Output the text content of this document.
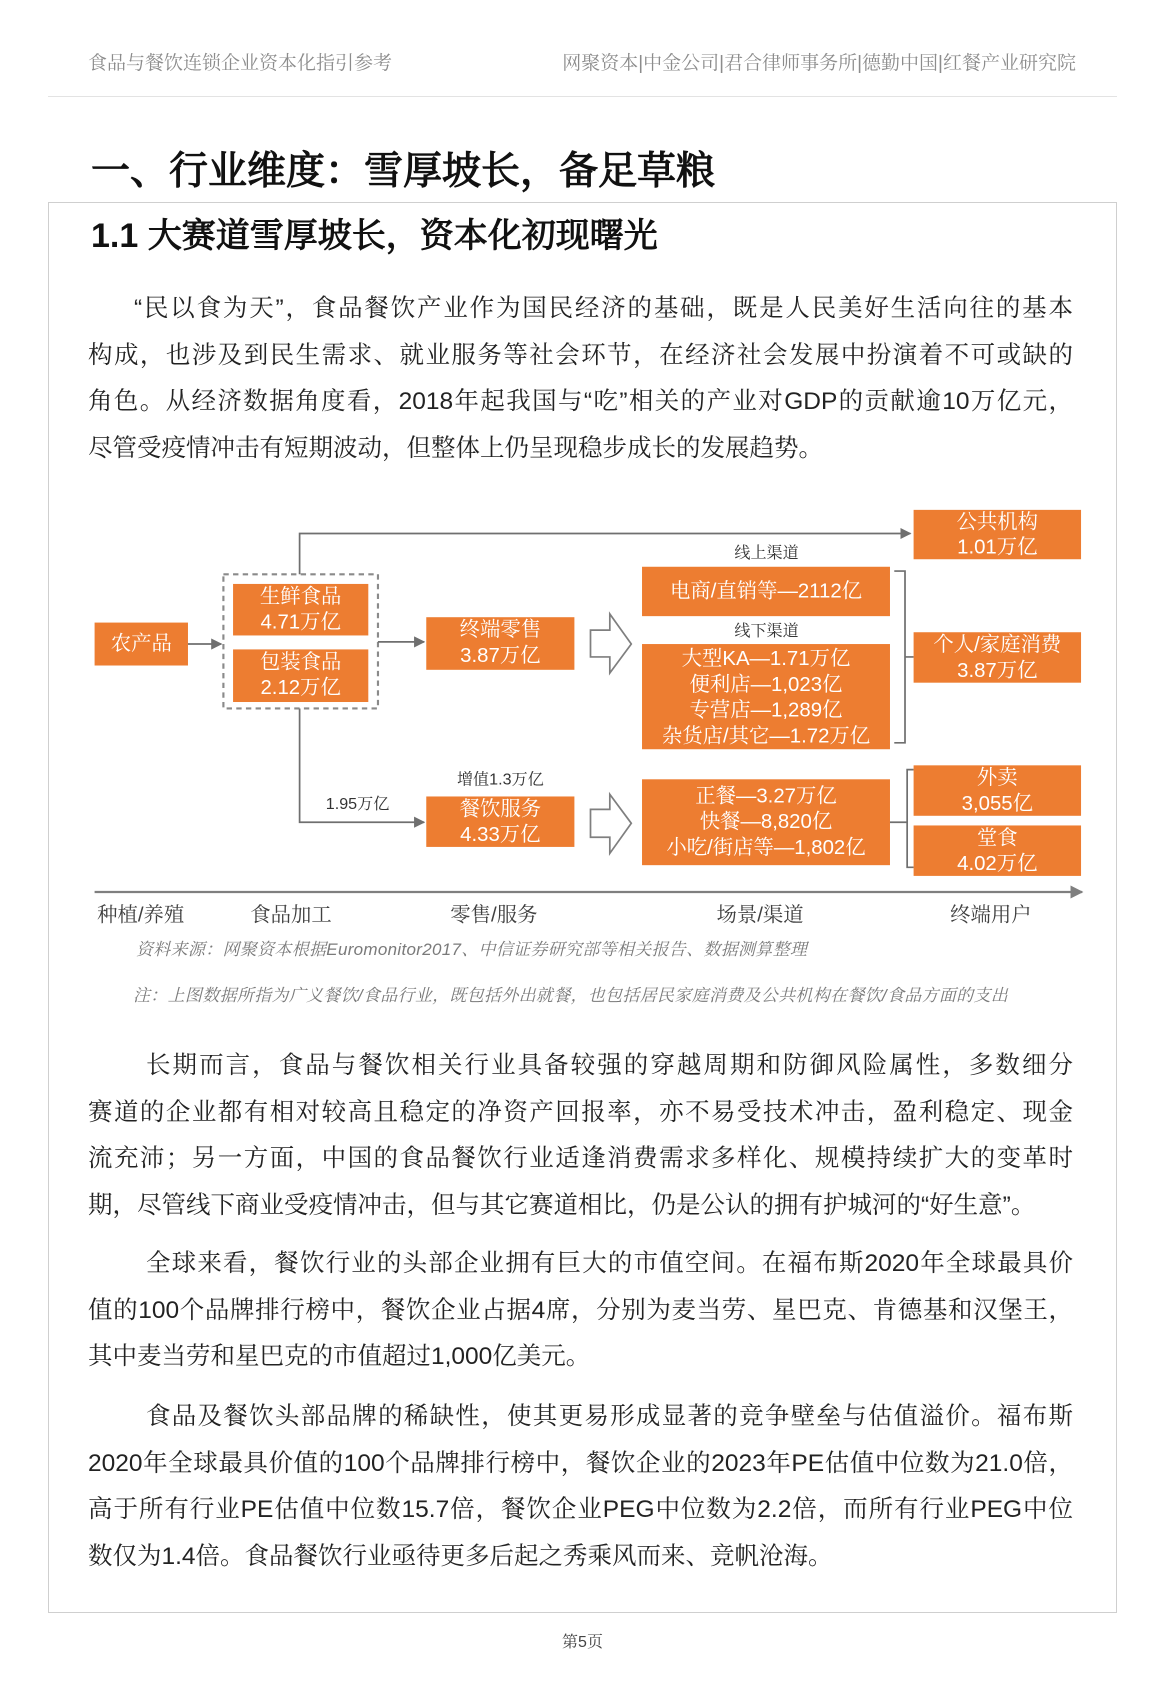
食品与餐饮连锁企业资本化指引参考	网聚资本|中金公司|君合律师事务所|德勤中国|红餐产业研究院
一、行业维度：雪厚坡长，备足草粮
1.1 大赛道雪厚坡长，资本化初现曙光
“民以食为天”，食品餐饮产业作为国民经济的基础，既是人民美好生活向往的基本
构成，也涉及到民生需求、就业服务等社会环节，在经济社会发展中扮演着不可或缺的
角色。从经济数据角度看，2018年起我国与“吃”相关的产业对GDP的贡献逾10万亿元，
尽管受疫情冲击有短期波动，但整体上仍呈现稳步成长的发展趋势。
农产品
生鲜食品
4.71万亿
包装食品
2.12万亿
公共机构
1.01万亿
终端零售
3.87万亿
线上渠道
电商/直销等—2112亿
线下渠道
大型KA—1.71万亿
便利店—1,023亿
专营店—1,289亿
杂货店/其它—1.72万亿
个人/家庭消费
3.87万亿
1.95万亿
增值1.3万亿
餐饮服务
4.33万亿
正餐—3.27万亿
快餐—8,820亿
小吃/街店等—1,802亿
外卖
3,055亿
堂食
4.02万亿
种植/养殖	食品加工	零售/服务	场景/渠道	终端用户
资料来源：网聚资本根据Euromonitor2017、中信证券研究部等相关报告、数据测算整理
注：上图数据所指为广义餐饮/食品行业，既包括外出就餐，也包括居民家庭消费及公共机构在餐饮/食品方面的支出
长期而言，食品与餐饮相关行业具备较强的穿越周期和防御风险属性，多数细分
赛道的企业都有相对较高且稳定的净资产回报率，亦不易受技术冲击，盈利稳定、现金
流充沛；另一方面，中国的食品餐饮行业适逢消费需求多样化、规模持续扩大的变革时
期，尽管线下商业受疫情冲击，但与其它赛道相比，仍是公认的拥有护城河的“好生意”。
全球来看，餐饮行业的头部企业拥有巨大的市值空间。在福布斯2020年全球最具价
值的100个品牌排行榜中，餐饮企业占据4席，分别为麦当劳、星巴克、肯德基和汉堡王，
其中麦当劳和星巴克的市值超过1,000亿美元。
食品及餐饮头部品牌的稀缺性，使其更易形成显著的竞争壁垒与估值溢价。福布斯
2020年全球最具价值的100个品牌排行榜中，餐饮企业的2023年PE估值中位数为21.0倍，
高于所有行业PE估值中位数15.7倍，餐饮企业PEG中位数为2.2倍，而所有行业PEG中位
数仅为1.4倍。食品餐饮行业亟待更多后起之秀乘风而来、竞帆沧海。
第5页
